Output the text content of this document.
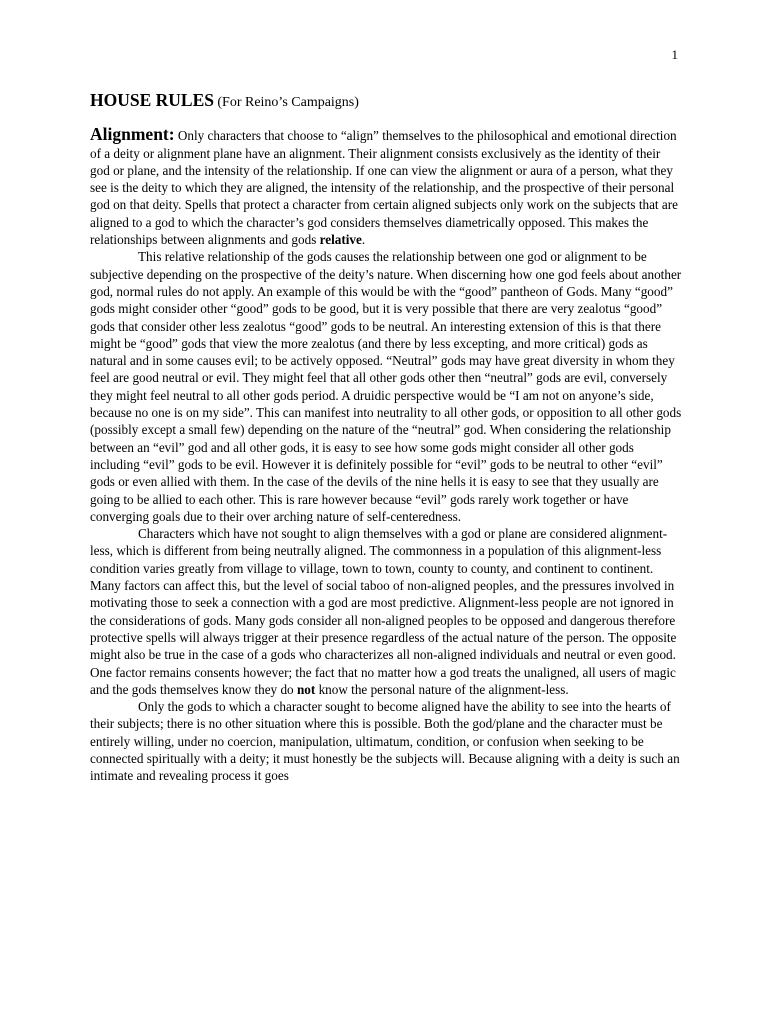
1
HOUSE RULES (For Reino’s Campaigns)

Alignment: Only characters that choose to “align” themselves to the philosophical and emotional direction of a deity or alignment plane have an alignment. Their alignment consists exclusively as the identity of their god or plane, and the intensity of the relationship. If one can view the alignment or aura of a person, what they see is the deity to which they are aligned, the intensity of the relationship, and the prospective of their personal god on that deity. Spells that protect a character from certain aligned subjects only work on the subjects that are aligned to a god to which the character’s god considers themselves diametrically opposed. This makes the relationships between alignments and gods relative.

This relative relationship of the gods causes the relationship between one god or alignment to be subjective depending on the prospective of the deity’s nature. When discerning how one god feels about another god, normal rules do not apply. An example of this would be with the “good” pantheon of Gods. Many “good” gods might consider other “good” gods to be good, but it is very possible that there are very zealotus “good” gods that consider other less zealotus “good” gods to be neutral. An interesting extension of this is that there might be “good” gods that view the more zealotus (and there by less excepting, and more critical) gods as natural and in some causes evil; to be actively opposed. “Neutral” gods may have great diversity in whom they feel are good neutral or evil. They might feel that all other gods other then “neutral” gods are evil, conversely they might feel neutral to all other gods period. A druidic perspective would be “I am not on anyone’s side, because no one is on my side”. This can manifest into neutrality to all other gods, or opposition to all other gods (possibly except a small few) depending on the nature of the “neutral” god. When considering the relationship between an “evil” god and all other gods, it is easy to see how some gods might consider all other gods including “evil” gods to be evil. However it is definitely possible for “evil” gods to be neutral to other “evil” gods or even allied with them. In the case of the devils of the nine hells it is easy to see that they usually are going to be allied to each other. This is rare however because “evil” gods rarely work together or have converging goals due to their over arching nature of self-centeredness.

Characters which have not sought to align themselves with a god or plane are considered alignment-less, which is different from being neutrally aligned. The commonness in a population of this alignment-less condition varies greatly from village to village, town to town, county to county, and continent to continent. Many factors can affect this, but the level of social taboo of non-aligned peoples, and the pressures involved in motivating those to seek a connection with a god are most predictive. Alignment-less people are not ignored in the considerations of gods. Many gods consider all non-aligned peoples to be opposed and dangerous therefore protective spells will always trigger at their presence regardless of the actual nature of the person. The opposite might also be true in the case of a gods who characterizes all non-aligned individuals and neutral or even good. One factor remains consents however; the fact that no matter how a god treats the unaligned, all users of magic and the gods themselves know they do not know the personal nature of the alignment-less.

Only the gods to which a character sought to become aligned have the ability to see into the hearts of their subjects; there is no other situation where this is possible. Both the god/plane and the character must be entirely willing, under no coercion, manipulation, ultimatum, condition, or confusion when seeking to be connected spiritually with a deity; it must honestly be the subjects will. Because aligning with a deity is such an intimate and revealing process it goes
